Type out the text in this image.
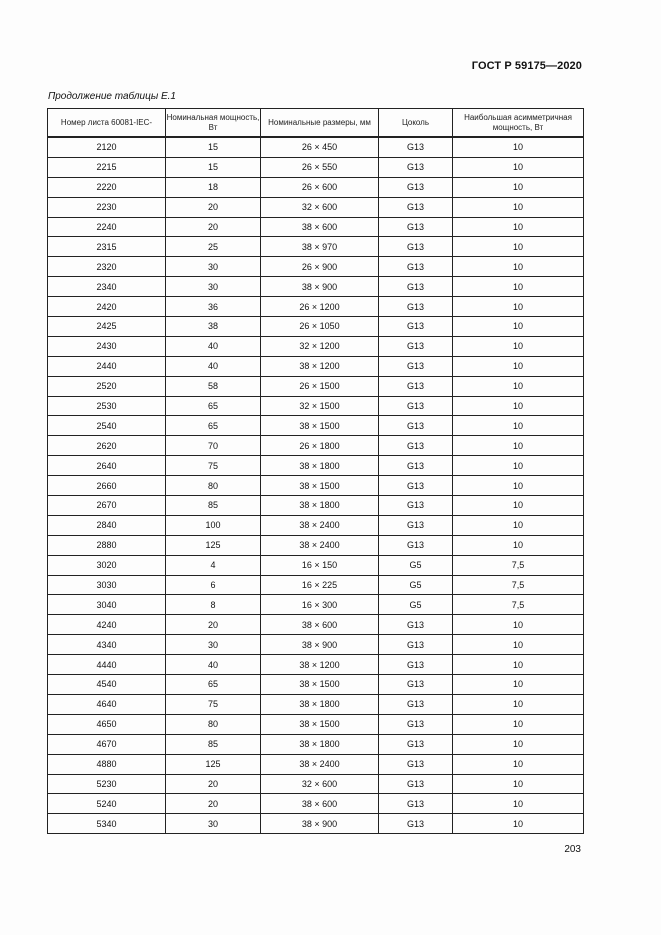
ГОСТ Р 59175—2020
Продолжение таблицы Е.1
Номер листа 60081-IEC-	Номинальная мощность, Вт	Номинальные размеры, мм	Цоколь	Наибольшая асимметричная мощность, Вт
2120	15	26 × 450	G13	10
2215	15	26 × 550	G13	10
2220	18	26 × 600	G13	10
2230	20	32 × 600	G13	10
2240	20	38 × 600	G13	10
2315	25	38 × 970	G13	10
2320	30	26 × 900	G13	10
2340	30	38 × 900	G13	10
2420	36	26 × 1200	G13	10
2425	38	26 × 1050	G13	10
2430	40	32 × 1200	G13	10
2440	40	38 × 1200	G13	10
2520	58	26 × 1500	G13	10
2530	65	32 × 1500	G13	10
2540	65	38 × 1500	G13	10
2620	70	26 × 1800	G13	10
2640	75	38 × 1800	G13	10
2660	80	38 × 1500	G13	10
2670	85	38 × 1800	G13	10
2840	100	38 × 2400	G13	10
2880	125	38 × 2400	G13	10
3020	4	16 × 150	G5	7,5
3030	6	16 × 225	G5	7,5
3040	8	16 × 300	G5	7,5
4240	20	38 × 600	G13	10
4340	30	38 × 900	G13	10
4440	40	38 × 1200	G13	10
4540	65	38 × 1500	G13	10
4640	75	38 × 1800	G13	10
4650	80	38 × 1500	G13	10
4670	85	38 × 1800	G13	10
4880	125	38 × 2400	G13	10
5230	20	32 × 600	G13	10
5240	20	38 × 600	G13	10
5340	30	38 × 900	G13	10
203
